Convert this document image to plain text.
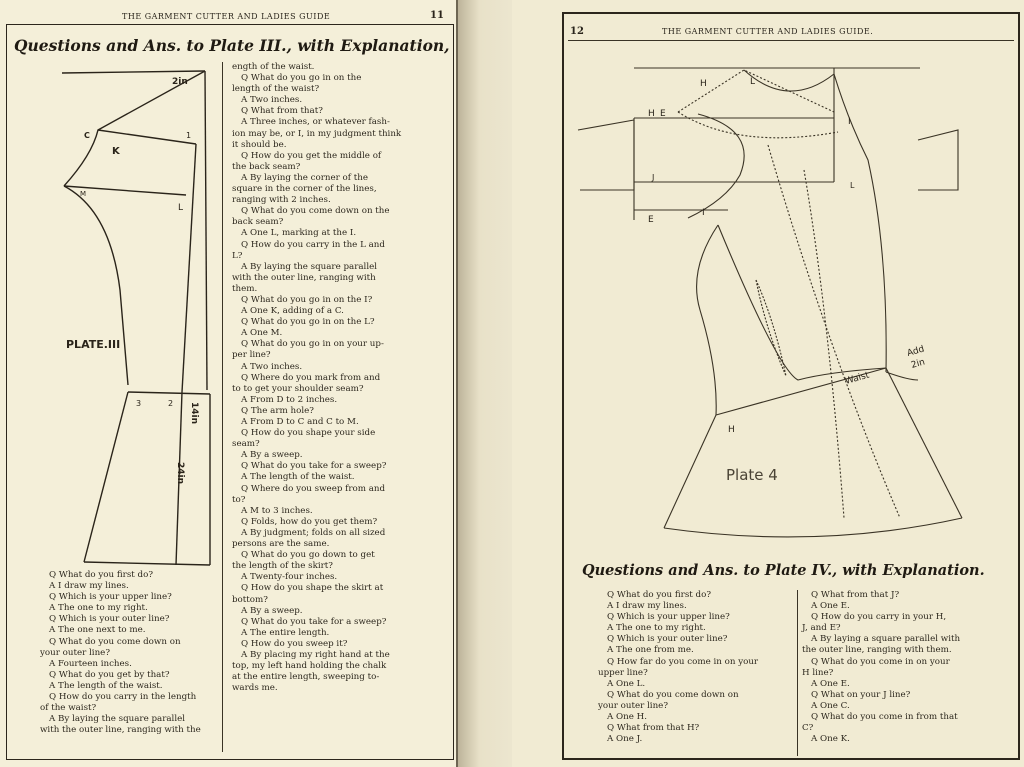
THE GARMENT CUTTER AND LADIES GUIDE	11
Questions and Ans. to Plate III., with Explanation,
2in
C
K
1
M
L
PLATE.III
3	2 14in
24in

Q What do you first do?

A I draw my lines.

Q Which is your upper line?

A The one to my right.

Q Which is your outer line?

A The one next to me.

Q What do you come down on

your outer line?

A Fourteen inches.

Q What do you get by that?

A The length of the waist.

Q How do you carry in the length

of the waist?

A By laying the square parallel

with the outer line, ranging with the

ength of the waist.

Q What do you go in on the

length of the waist?

A Two inches.

Q What from that?

A Three inches, or whatever fash-

ion may be, or I, in my judgment think

it should be.

Q How do you get the middle of

the back seam?

A By laying the corner of the

square in the corner of the lines,

ranging with 2 inches.

Q What do you come down on the

back seam?

A One L, marking at the I.

Q How do you carry in the L and

L?

A By laying the square parallel

with the outer line, ranging with

them.

Q What do you go in on the I?

A One K, adding of a C.

Q What do you go in on the L?

A One M.

Q What do you go in on your up-

per line?

A Two inches.

Q Where do you mark from and

to to get your shoulder seam?

A From D to 2 inches.

Q The arm hole?

A From D to C and C to M.

Q How do you shape your side

seam?

A By a sweep.

Q What do you take for a sweep?

A The length of the waist.

Q Where do you sweep from and

to?

A M to 3 inches.

Q Folds, how do you get them?

A By judgment; folds on all sized

persons are the same.

Q What do you go down to get

the length of the skirt?

A Twenty-four inches.

Q How do you shape the skirt at

bottom?

A By a sweep.

Q What do you take for a sweep?

A The entire length.

Q How do you sweep it?

A By placing my right hand at the

top, my left hand holding the chalk

at the entire length, sweeping to-

wards me.

12	THE GARMENT CUTTER AND LADIES GUIDE.
H	L
H E
I
J
L
E
I
H
Waist
Add
2in
Plate 4
Questions and Ans. to Plate IV., with Explanation.

Q What do you first do?

A I draw my lines.

Q Which is your upper line?

A The one to my right.

Q Which is your outer line?

A The one from me.

Q How far do you come in on your

upper line?

A One L.

Q What do you come down on

your outer line?

A One H.

Q What from that H?

A One J.

Q What from that J?

A One E.

Q How do you carry in your H,

J, and E?

A By laying a square parallel with

the outer line, ranging with them.

Q What do you come in on your

H line?

A One E.

Q What on your J line?

A One C.

Q What do you come in from that

C?

A One K.
